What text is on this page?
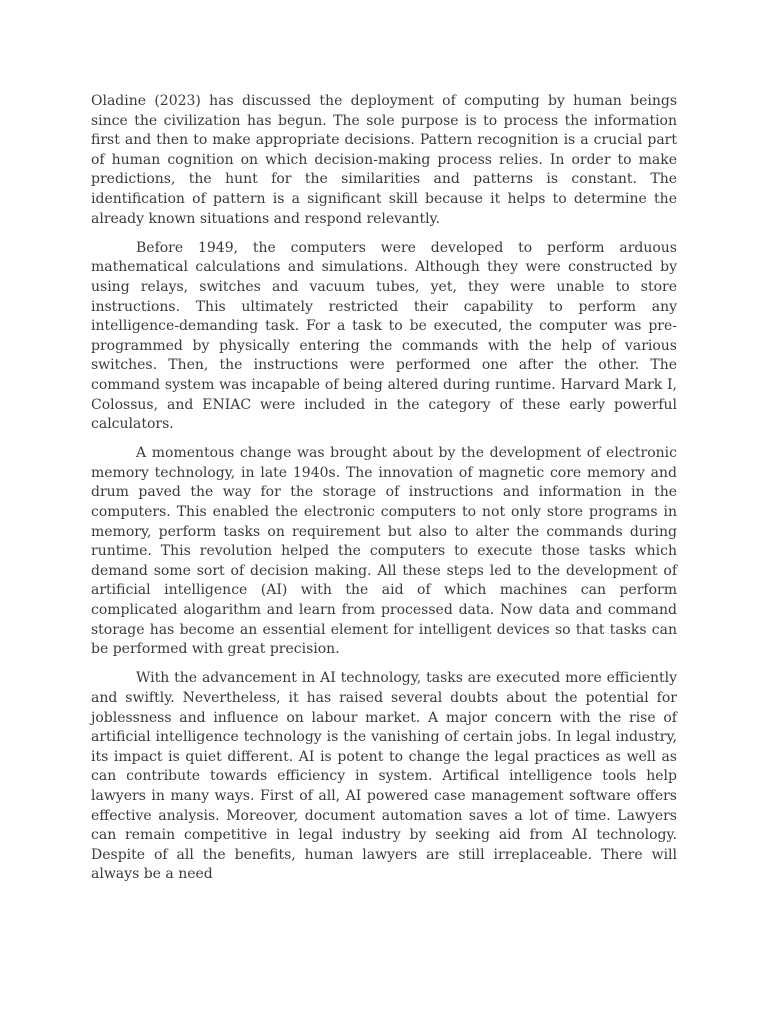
Oladine (2023) has discussed the deployment of computing by human beings since the civilization has begun. The sole purpose is to process the information first and then to make appropriate decisions. Pattern recognition is a crucial part of human cognition on which decision-making process relies. In order to make predictions, the hunt for the similarities and patterns is constant. The identification of pattern is a significant skill because it helps to determine the already known situations and respond relevantly.

Before 1949, the computers were developed to perform arduous mathematical calculations and simulations. Although they were constructed by using relays, switches and vacuum tubes, yet, they were unable to store instructions. This ultimately restricted their capability to perform any intelligence-demanding task. For a task to be executed, the computer was pre-programmed by physically entering the commands with the help of various switches. Then, the instructions were performed one after the other. The command system was incapable of being altered during runtime. Harvard Mark I, Colossus, and ENIAC were included in the category of these early powerful calculators.

A momentous change was brought about by the development of electronic memory technology, in late 1940s. The innovation of magnetic core memory and drum paved the way for the storage of instructions and information in the computers. This enabled the electronic computers to not only store programs in memory, perform tasks on requirement but also to alter the commands during runtime. This revolution helped the computers to execute those tasks which demand some sort of decision making. All these steps led to the development of artificial intelligence (AI) with the aid of which machines can perform complicated alogarithm and learn from processed data. Now data and command storage has become an essential element for intelligent devices so that tasks can be performed with great precision.

With the advancement in AI technology, tasks are executed more efficiently and swiftly. Nevertheless, it has raised several doubts about the potential for joblessness and influence on labour market. A major concern with the rise of artificial intelligence technology is the vanishing of certain jobs. In legal industry, its impact is quiet different. AI is potent to change the legal practices as well as can contribute towards efficiency in system. Artifical intelligence tools help lawyers in many ways. First of all, AI powered case management software offers effective analysis. Moreover, document automation saves a lot of time. Lawyers can remain competitive in legal industry by seeking aid from AI technology. Despite of all the benefits, human lawyers are still irreplaceable. There will always be a need
